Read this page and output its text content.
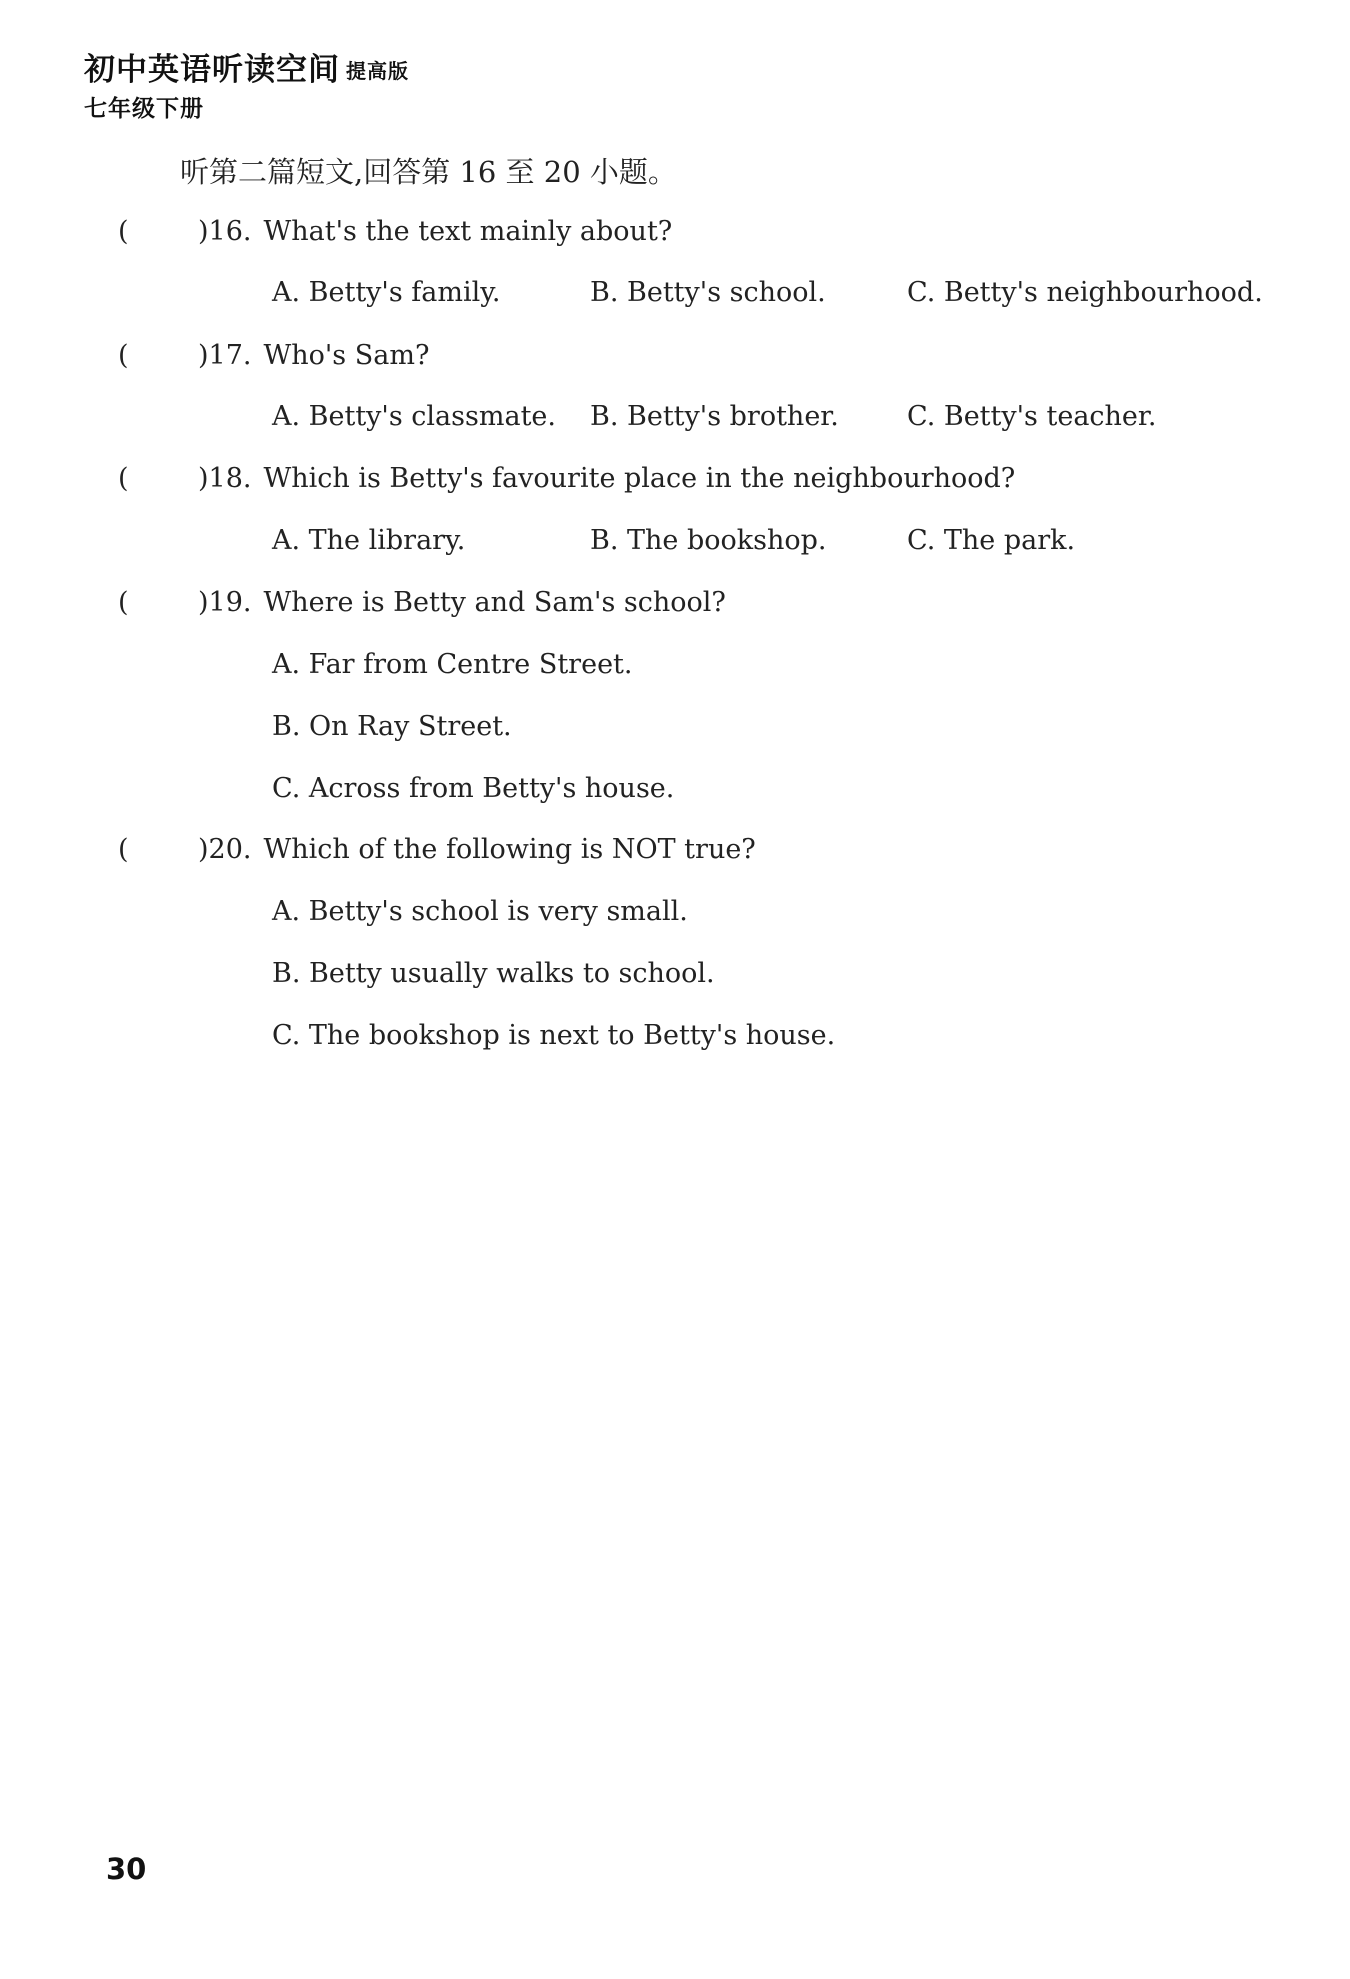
初中英语听读空间 提高版
七年级下册
听第二篇短文,回答第 16 至 20 小题。
(	)16. What's the text mainly about?
A. Betty's family.	B. Betty's school.	C. Betty's neighbourhood.
(	)17. Who's Sam?
A. Betty's classmate. B. Betty's brother.	C. Betty's teacher.
(	)18. Which is Betty's favourite place in the neighbourhood?
A. The library.	B. The bookshop.	C. The park.
(	)19. Where is Betty and Sam's school?
A. Far from Centre Street.
B. On Ray Street.
C. Across from Betty's house.
(	)20. Which of the following is NOT true?
A. Betty's school is very small.
B. Betty usually walks to school.
C. The bookshop is next to Betty's house.
30
